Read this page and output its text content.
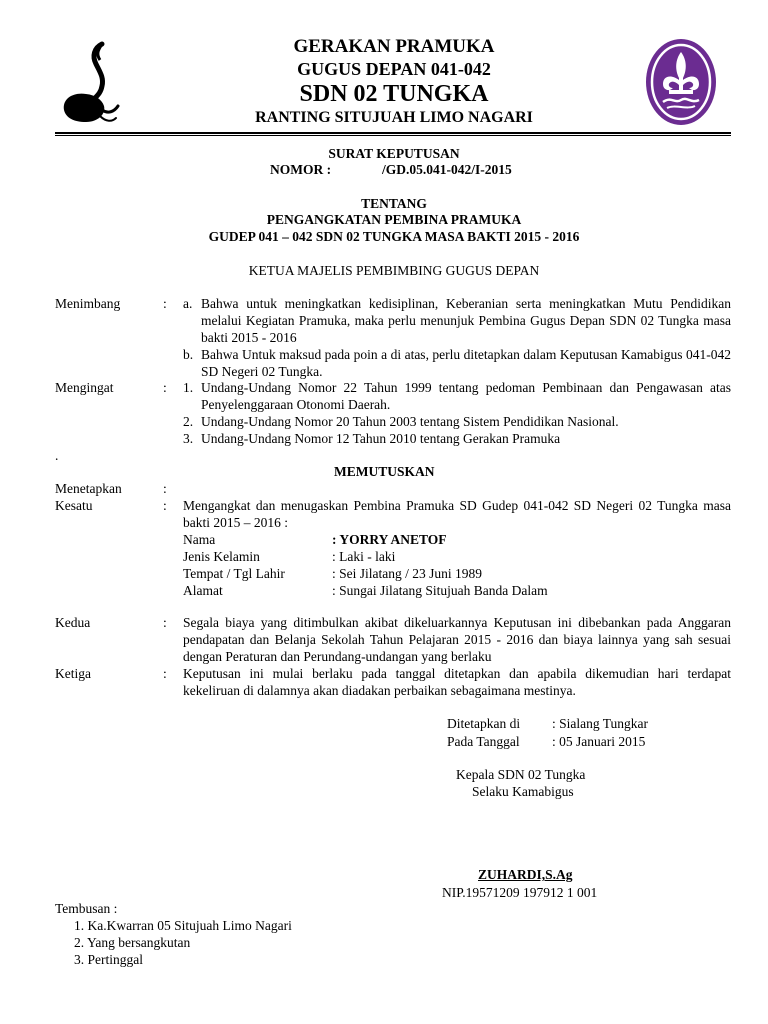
GERAKAN PRAMUKA
GUGUS DEPAN 041-042
SDN 02 TUNGKA
RANTING SITUJUAH LIMO NAGARI
SURAT KEPUTUSAN
NOMOR :	/GD.05.041-042/I-2015
TENTANG
PENGANGKATAN PEMBINA PRAMUKA
GUDEP 041 – 042 SDN 02 TUNGKA MASA BAKTI 2015 - 2016
KETUA MAJELIS PEMBIMBING GUGUS DEPAN
Menimbang	: a. Bahwa untuk meningkatkan kedisiplinan, Keberanian serta meningkatkan Mutu Pendidikan melalui Kegiatan Pramuka, maka perlu menunjuk Pembina Gugus Depan SDN 02 Tungka masa bakti 2015 - 2016
b. Bahwa Untuk maksud pada poin a di atas, perlu ditetapkan dalam Keputusan Kamabigus 041-042 SD Negeri 02 Tungka.
Mengingat	: 1. Undang-Undang Nomor 22 Tahun 1999 tentang pedoman Pembinaan dan Pengawasan atas Penyelenggaraan Otonomi Daerah.
2. Undang-Undang Nomor 20 Tahun 2003 tentang Sistem Pendidikan Nasional.
3. Undang-Undang Nomor 12 Tahun 2010 tentang Gerakan Pramuka
.
MEMUTUSKAN
Menetapkan	:
Kesatu	: Mengangkat dan menugaskan Pembina Pramuka SD Gudep 041-042 SD Negeri 02 Tungka masa bakti 2015 – 2016 :
Nama	: YORRY ANETOF
Jenis Kelamin	: Laki - laki
Tempat / Tgl Lahir	: Sei Jilatang / 23 Juni 1989
Alamat	: Sungai Jilatang Situjuah Banda Dalam
Kedua	: Segala biaya yang ditimbulkan akibat dikeluarkannya Keputusan ini dibebankan pada Anggaran pendapatan dan Belanja Sekolah Tahun Pelajaran 2015 - 2016 dan biaya lainnya yang sah sesuai dengan Peraturan dan Perundang-undangan yang berlaku
Ketiga	: Keputusan ini mulai berlaku pada tanggal ditetapkan dan apabila dikemudian hari terdapat kekeliruan di dalamnya akan diadakan perbaikan sebagaimana mestinya.
Ditetapkan di : Sialang Tungkar
Pada Tanggal : 05 Januari 2015
Kepala SDN 02 Tungka
Selaku Kamabigus
ZUHARDI,S.Ag
NIP.19571209 197912 1 001
Tembusan :
1. Ka.Kwarran 05 Situjuah Limo Nagari
2. Yang bersangkutan
3. Pertinggal
